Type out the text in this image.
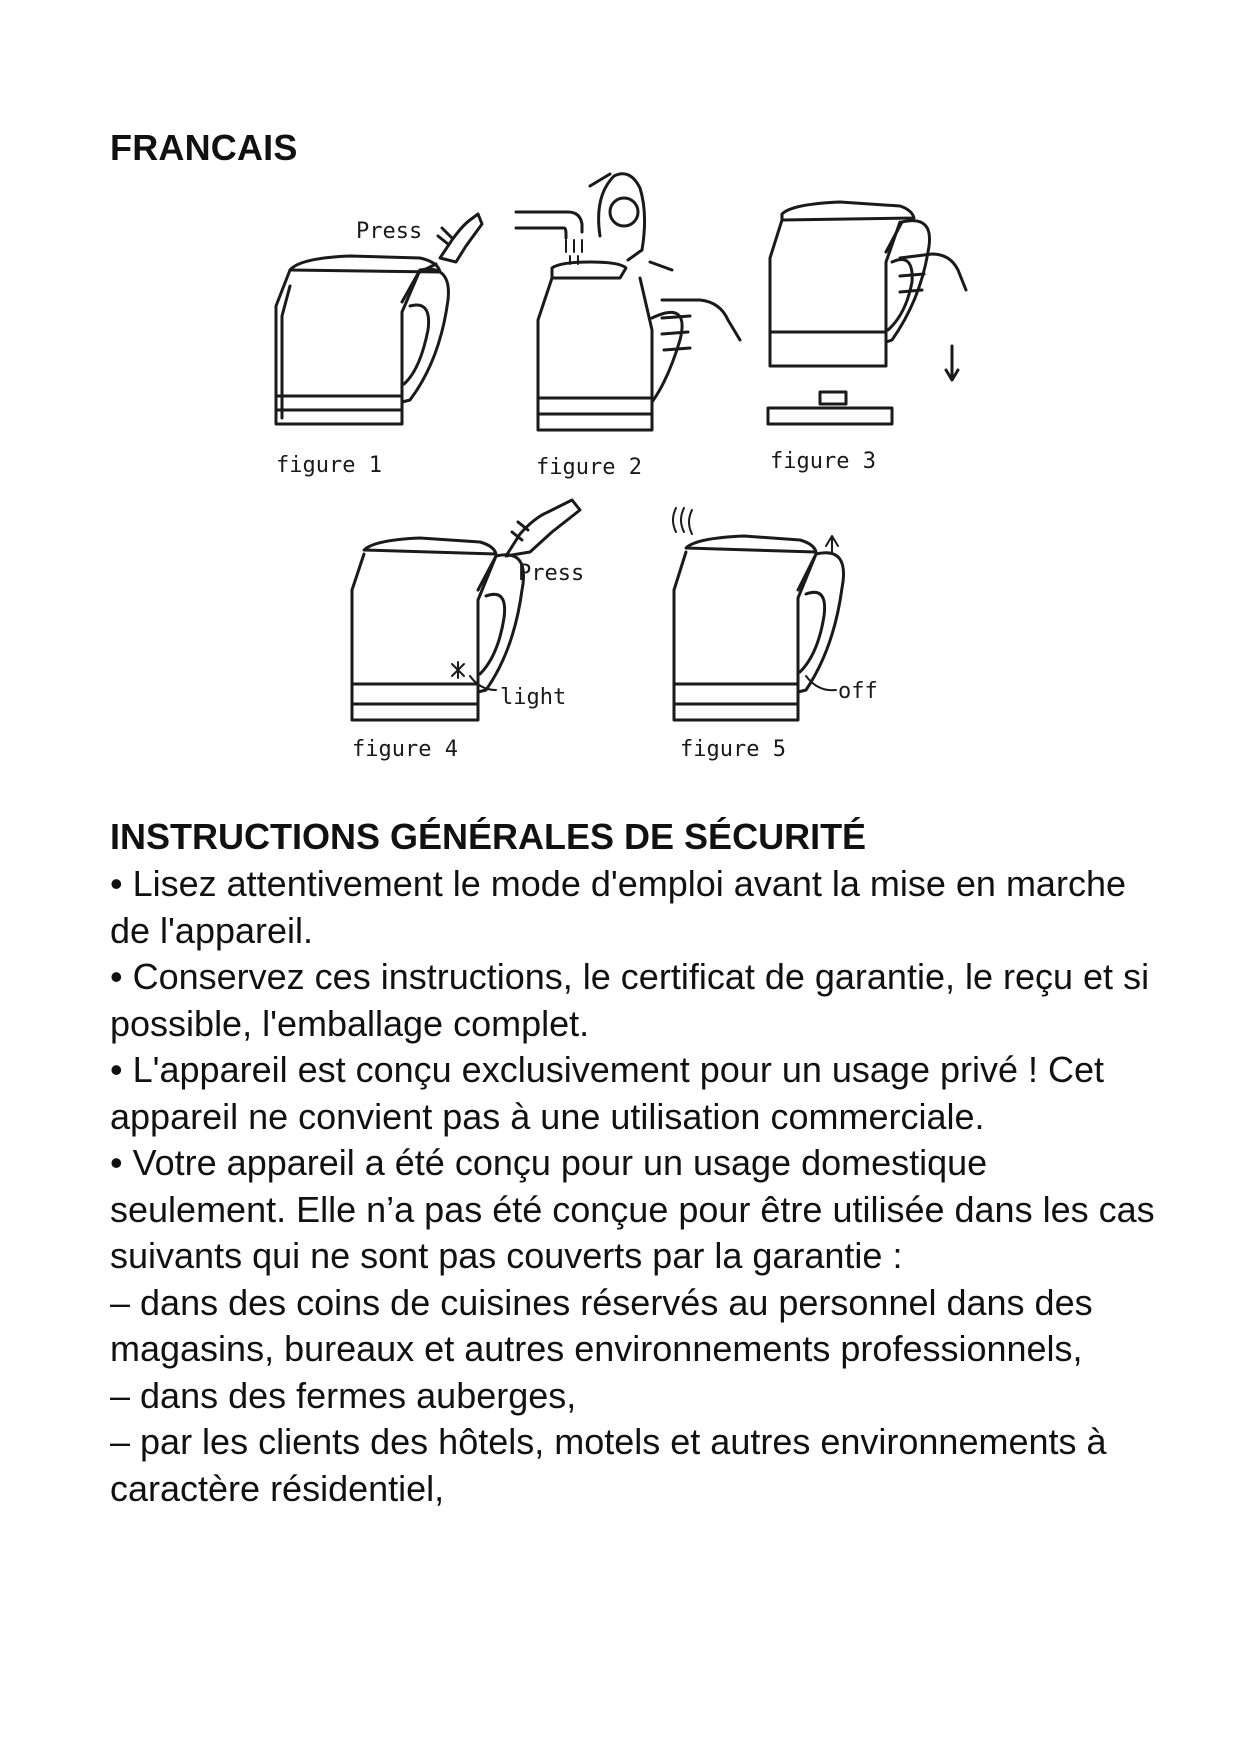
FRANCAIS
Press
figure 1	figure 2	figure 3
Press
light
figure 4
off
figure 5
INSTRUCTIONS GÉNÉRALES DE SÉCURITÉ

• Lisez attentivement le mode d'emploi avant la mise en marche de l'appareil.

• Conservez ces instructions, le certificat de garantie, le reçu et si possible, l'emballage complet.

• L'appareil est conçu exclusivement pour un usage privé ! Cet appareil ne convient pas à une utilisation commerciale.

• Votre appareil a été conçu pour un usage domestique seulement. Elle n’a pas été conçue pour être utilisée dans les cas suivants qui ne sont pas couverts par la garantie :

– dans des coins de cuisines réservés au personnel dans des magasins, bureaux et autres environnements professionnels,

– dans des fermes auberges,

– par les clients des hôtels, motels et autres environnements à caractère résidentiel,
